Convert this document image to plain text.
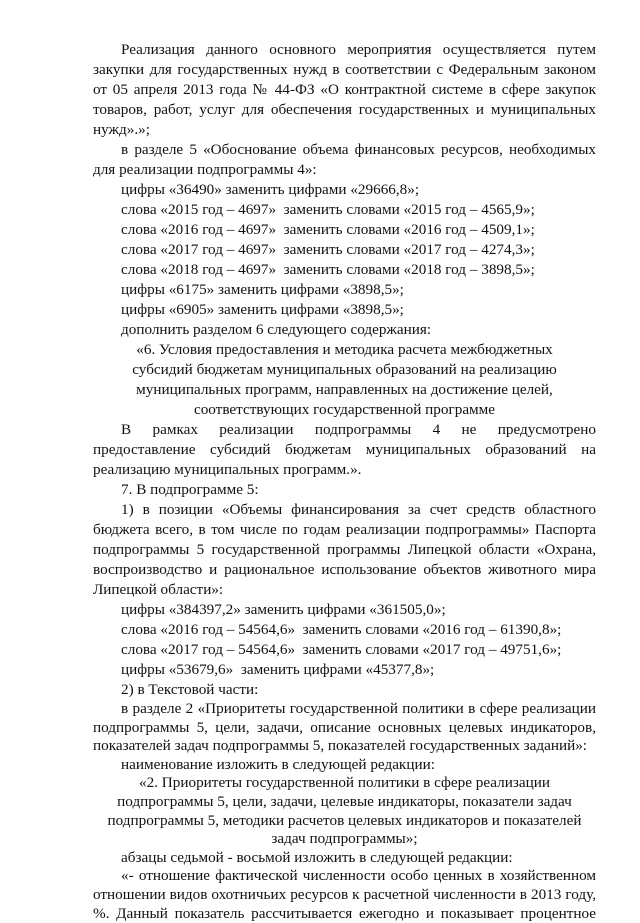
Реализация данного основного мероприятия осуществляется путем
закупки для государственных нужд в соответствии с Федеральным законом
от 05 апреля 2013 года № 44-ФЗ «О контрактной системе в сфере закупок
товаров, работ, услуг для обеспечения государственных и муниципальных
нужд».»;
в разделе 5 «Обоснование объема финансовых ресурсов, необходимых
для реализации подпрограммы 4»:
цифры «36490» заменить цифрами «29666,8»;
слова «2015 год – 4697»  заменить словами «2015 год – 4565,9»;
слова «2016 год – 4697»  заменить словами «2016 год – 4509,1»;
слова «2017 год – 4697»  заменить словами «2017 год – 4274,3»;
слова «2018 год – 4697»  заменить словами «2018 год – 3898,5»;
цифры «6175» заменить цифрами «3898,5»;
цифры «6905» заменить цифрами «3898,5»;
дополнить разделом 6 следующего содержания:
«6. Условия предоставления и методика расчета межбюджетных
субсидий бюджетам муниципальных образований на реализацию
муниципальных программ, направленных на достижение целей,
соответствующих государственной программе
В рамках реализации подпрограммы 4 не предусмотрено
предоставление субсидий бюджетам муниципальных образований на
реализацию муниципальных программ.».
7. В подпрограмме 5:
1) в позиции «Объемы финансирования за счет средств областного
бюджета всего, в том числе по годам реализации подпрограммы» Паспорта
подпрограммы 5 государственной программы Липецкой области «Охрана,
воспроизводство и рациональное использование объектов животного мира
Липецкой области»:
цифры «384397,2» заменить цифрами «361505,0»;
слова «2016 год – 54564,6»  заменить словами «2016 год – 61390,8»;
слова «2017 год – 54564,6»  заменить словами «2017 год – 49751,6»;
цифры «53679,6»  заменить цифрами «45377,8»;
2) в Текстовой части:
в разделе 2 «Приоритеты государственной политики в сфере реализации
подпрограммы 5, цели, задачи, описание основных целевых индикаторов,
показателей задач подпрограммы 5, показателей государственных заданий»:
наименование изложить в следующей редакции:
«2. Приоритеты государственной политики в сфере реализации
подпрограммы 5, цели, задачи, целевые индикаторы, показатели задач
подпрограммы 5, методики расчетов целевых индикаторов и показателей
задач подпрограммы»;
абзацы седьмой - восьмой изложить в следующей редакции:
«- отношение фактической численности особо ценных в хозяйственном
отношении видов охотничьих ресурсов к расчетной численности в 2013 году,
%. Данный показатель рассчитывается ежегодно и показывает процентное
